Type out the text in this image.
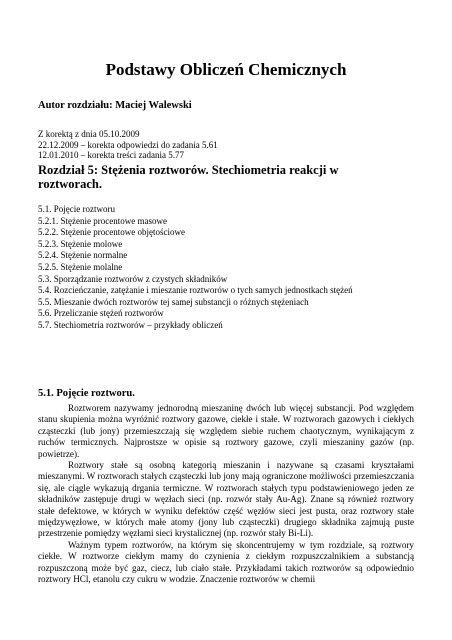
Podstawy Obliczeń Chemicznych
Autor rozdziału: Maciej Walewski
Z korektą z dnia 05.10.2009
22.12.2009 – korekta odpowiedzi do zadania 5.61
12.01.2010 – korekta treści zadania 5.77
Rozdział 5: Stężenia roztworów. Stechiometria reakcji w roztworach.
5.1. Pojęcie roztworu
5.2.1. Stężenie procentowe masowe
5.2.2. Stężenie procentowe objętościowe
5.2.3. Stężenie molowe
5.2.4. Stężenie normalne
5.2.5. Stężenie molalne
5.3. Sporządzanie roztworów z czystych składników
5.4. Rozcieńczanie, zatężanie i mieszanie roztworów o tych samych jednostkach stężeń
5.5. Mieszanie dwóch roztworów tej samej substancji o różnych stężeniach
5.6. Przeliczanie stężeń roztworów
5.7. Stechiometria roztworów – przykłady obliczeń
5.1. Pojęcie roztworu.

Roztworem nazywamy jednorodną mieszaninę dwóch lub więcej substancji. Pod względem stanu skupienia można wyróżnić roztwory gazowe, ciekłe i stałe. W roztworach gazowych i ciekłych cząsteczki (lub jony) przemieszczają się względem siebie ruchem chaotycznym, wynikającym z ruchów termicznych. Najprostsze w opisie są roztwory gazowe, czyli mieszaniny gazów (np. powietrze).

Roztwory stałe są osobną kategorią mieszanin i nazywane są czasami kryształami mieszanymi. W roztworach stałych cząsteczki lub jony mają ograniczone możliwości przemieszczania się, ale ciągle wykazują drgania termiczne. W roztworach stałych typu podstawieniowego jeden ze składników zastępuje drugi w węzłach sieci (np. rozwór stały Au-Ag). Znane są również roztwory stałe defektowe, w których w wyniku defektów część węzłów sieci jest pusta, oraz roztwory stałe międzywęzłowe, w których małe atomy (jony lub cząsteczki) drugiego składnika zajmują puste przestrzenie pomiędzy węzłami sieci krystalicznej (np. rozwór stały Bi-Li).

Ważnym typem roztworów, na którym się skoncentrujemy w tym rozdziale, są roztwory ciekłe. W roztworze ciekłym mamy do czynienia z ciekłym rozpuszczalnikiem a substancją rozpuszczoną może być gaz, ciecz, lub ciało stałe. Przykładami takich roztworów są odpowiednio roztwory HCl, etanolu czy cukru w wodzie. Znaczenie roztworów w chemii
